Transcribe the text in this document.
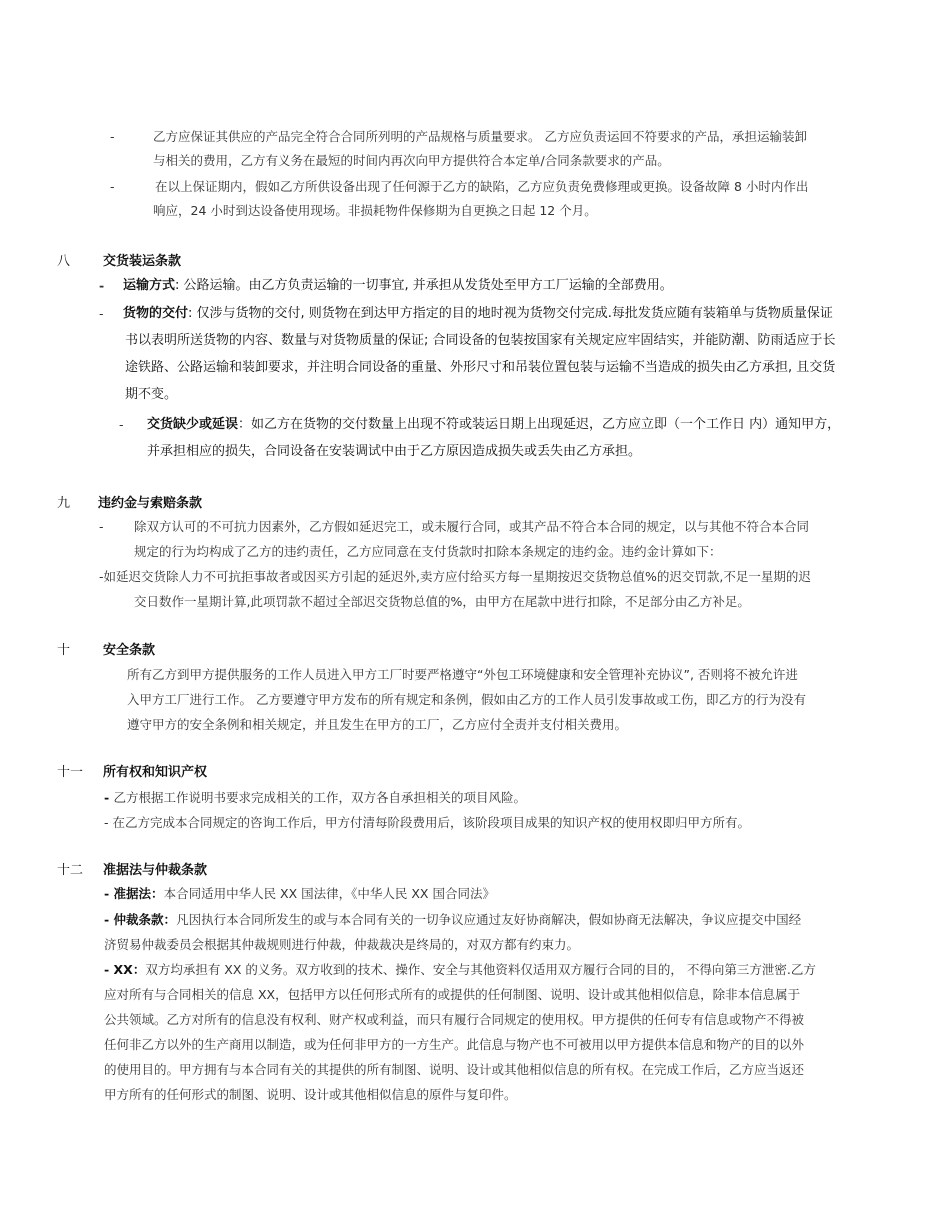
-	乙方应保证其供应的产品完全符合合同所列明的产品规格与质量要求。 乙方应负责运回不符要求的产品，承担运输装卸
与相关的费用，乙方有义务在最短的时间内再次向甲方提供符合本定单/合同条款要求的产品。
-	在以上保证期内，假如乙方所供设备出现了任何源于乙方的缺陷，乙方应负责免费修理或更换。设备故障 8 小时内作出
响应，24 小时到达设备使用现场。非损耗物件保修期为自更换之日起 12 个月。
八	交货装运条款
- 运输方式: 公路运输。由乙方负责运输的一切事宜, 并承担从发货处至甲方工厂运输的全部费用。
- 货物的交付: 仅涉与货物的交付, 则货物在到达甲方指定的目的地时视为货物交付完成.每批发货应随有装箱单与货物质量保证
书以表明所送货物的内容、数量与对货物质量的保证; 合同设备的包装按国家有关规定应牢固结实，并能防潮、防雨适应于长
途铁路、公路运输和装卸要求，并注明合同设备的重量、外形尺寸和吊装位置包装与运输不当造成的损失由乙方承担, 且交货
期不变。
- 交货缺少或延误：如乙方在货物的交付数量上出现不符或装运日期上出现延迟，乙方应立即（一个工作日 内）通知甲方，
并承担相应的损失，合同设备在安装调试中由于乙方原因造成损失或丢失由乙方承担。
九 违约金与索赔条款
- 除双方认可的不可抗力因素外，乙方假如延迟完工，或未履行合同，或其产品不符合本合同的规定，以与其他不符合本合同
规定的行为均构成了乙方的违约责任，乙方应同意在支付货款时扣除本条规定的违约金。违约金计算如下：
-如延迟交货除人力不可抗拒事故者或因买方引起的延迟外,卖方应付给买方每一星期按迟交货物总值%的迟交罚款,不足一星期的迟
交日数作一星期计算,此项罚款不超过全部迟交货物总值的%，由甲方在尾款中进行扣除，不足部分由乙方补足。
十	安全条款
所有乙方到甲方提供服务的工作人员进入甲方工厂时要严格遵守“外包工环境健康和安全管理补充协议”, 否则将不被允许进
入甲方工厂进行工作。 乙方要遵守甲方发布的所有规定和条例，假如由乙方的工作人员引发事故或工伤，即乙方的行为没有
遵守甲方的安全条例和相关规定，并且发生在甲方的工厂，乙方应付全责并支付相关费用。
十一 所有权和知识产权
- 乙方根据工作说明书要求完成相关的工作，双方各自承担相关的项目风险。
- 在乙方完成本合同规定的咨询工作后，甲方付清每阶段费用后，该阶段项目成果的知识产权的使用权即归甲方所有。
十二 准据法与仲裁条款
- 准据法：本合同适用中华人民 XX 国法律，《中华人民 XX 国合同法》
- 仲裁条款：凡因执行本合同所发生的或与本合同有关的一切争议应通过友好协商解决，假如协商无法解决，争议应提交中国经
济贸易仲裁委员会根据其仲裁规则进行仲裁，仲裁裁决是终局的，对双方都有约束力。
- XX：双方均承担有 XX 的义务。双方收到的技术、操作、安全与其他资料仅适用双方履行合同的目的， 不得向第三方泄密.乙方
应对所有与合同相关的信息 XX，包括甲方以任何形式所有的或提供的任何制图、说明、设计或其他相似信息，除非本信息属于
公共领域。乙方对所有的信息没有权利、财产权或利益，而只有履行合同规定的使用权。甲方提供的任何专有信息或物产不得被
任何非乙方以外的生产商用以制造，或为任何非甲方的一方生产。此信息与物产也不可被用以甲方提供本信息和物产的目的以外
的使用目的。甲方拥有与本合同有关的其提供的所有制图、说明、设计或其他相似信息的所有权。在完成工作后，乙方应当返还
甲方所有的任何形式的制图、说明、设计或其他相似信息的原件与复印件。
